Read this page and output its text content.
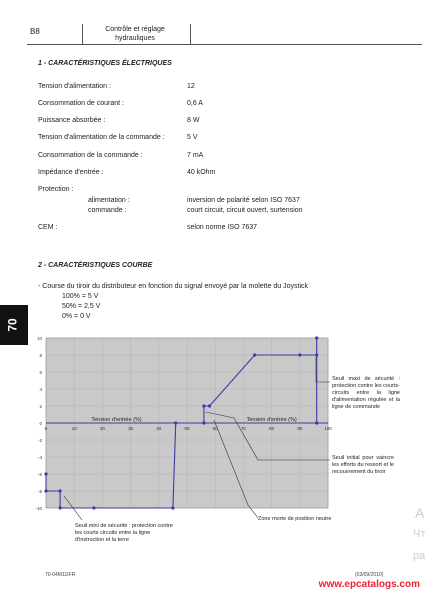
B8	Contrôle et réglage hydrauliques
1 - CARACTÉRISTIQUES ÉLECTRIQUES
Tension d'alimentation :	12
Consommation de courant :	0,6 A
Puissance absorbée :	8 W
Tension d'alimentation de la commande :	5 V
Consommation de la commande :	7 mA
Impédance d'entrée :	40 kOhm
Protection :
alimentation :	inversion de polarité selon ISO 7637
commande :	court circuit, circuit ouvert, surtension
CEM :	selon norme ISO 7637
2 - CARACTÉRISTIQUES COURBE
- Course du tiroir du distributeur en fonction du signal envoyé par la molette du Joystick
100% = 5 V
50% = 2,5 V
0% = 0 V
70
10
8
6
4
2
0
-2
-4
-6
-8
-10
0	10	20	30	40	50	60	70	80	90	100
Tension d'entrée (%)	Tension d'entrée (%)
Seuil maxi de sécurité : protection contre les courts-circuits entre la ligne d'alimentation régulée et la ligne de commande
Seuil initial pour vaincre les efforts du ressort et le recouvrement du tiroir
Zone morte de position neutre
Seuil mini de sécurité : protection contre les courts circuits entre la ligne d'instruction et la terre
70-04M11IFR	(03/09/2010)
www.epcatalogs.com
А
Чт
ра
